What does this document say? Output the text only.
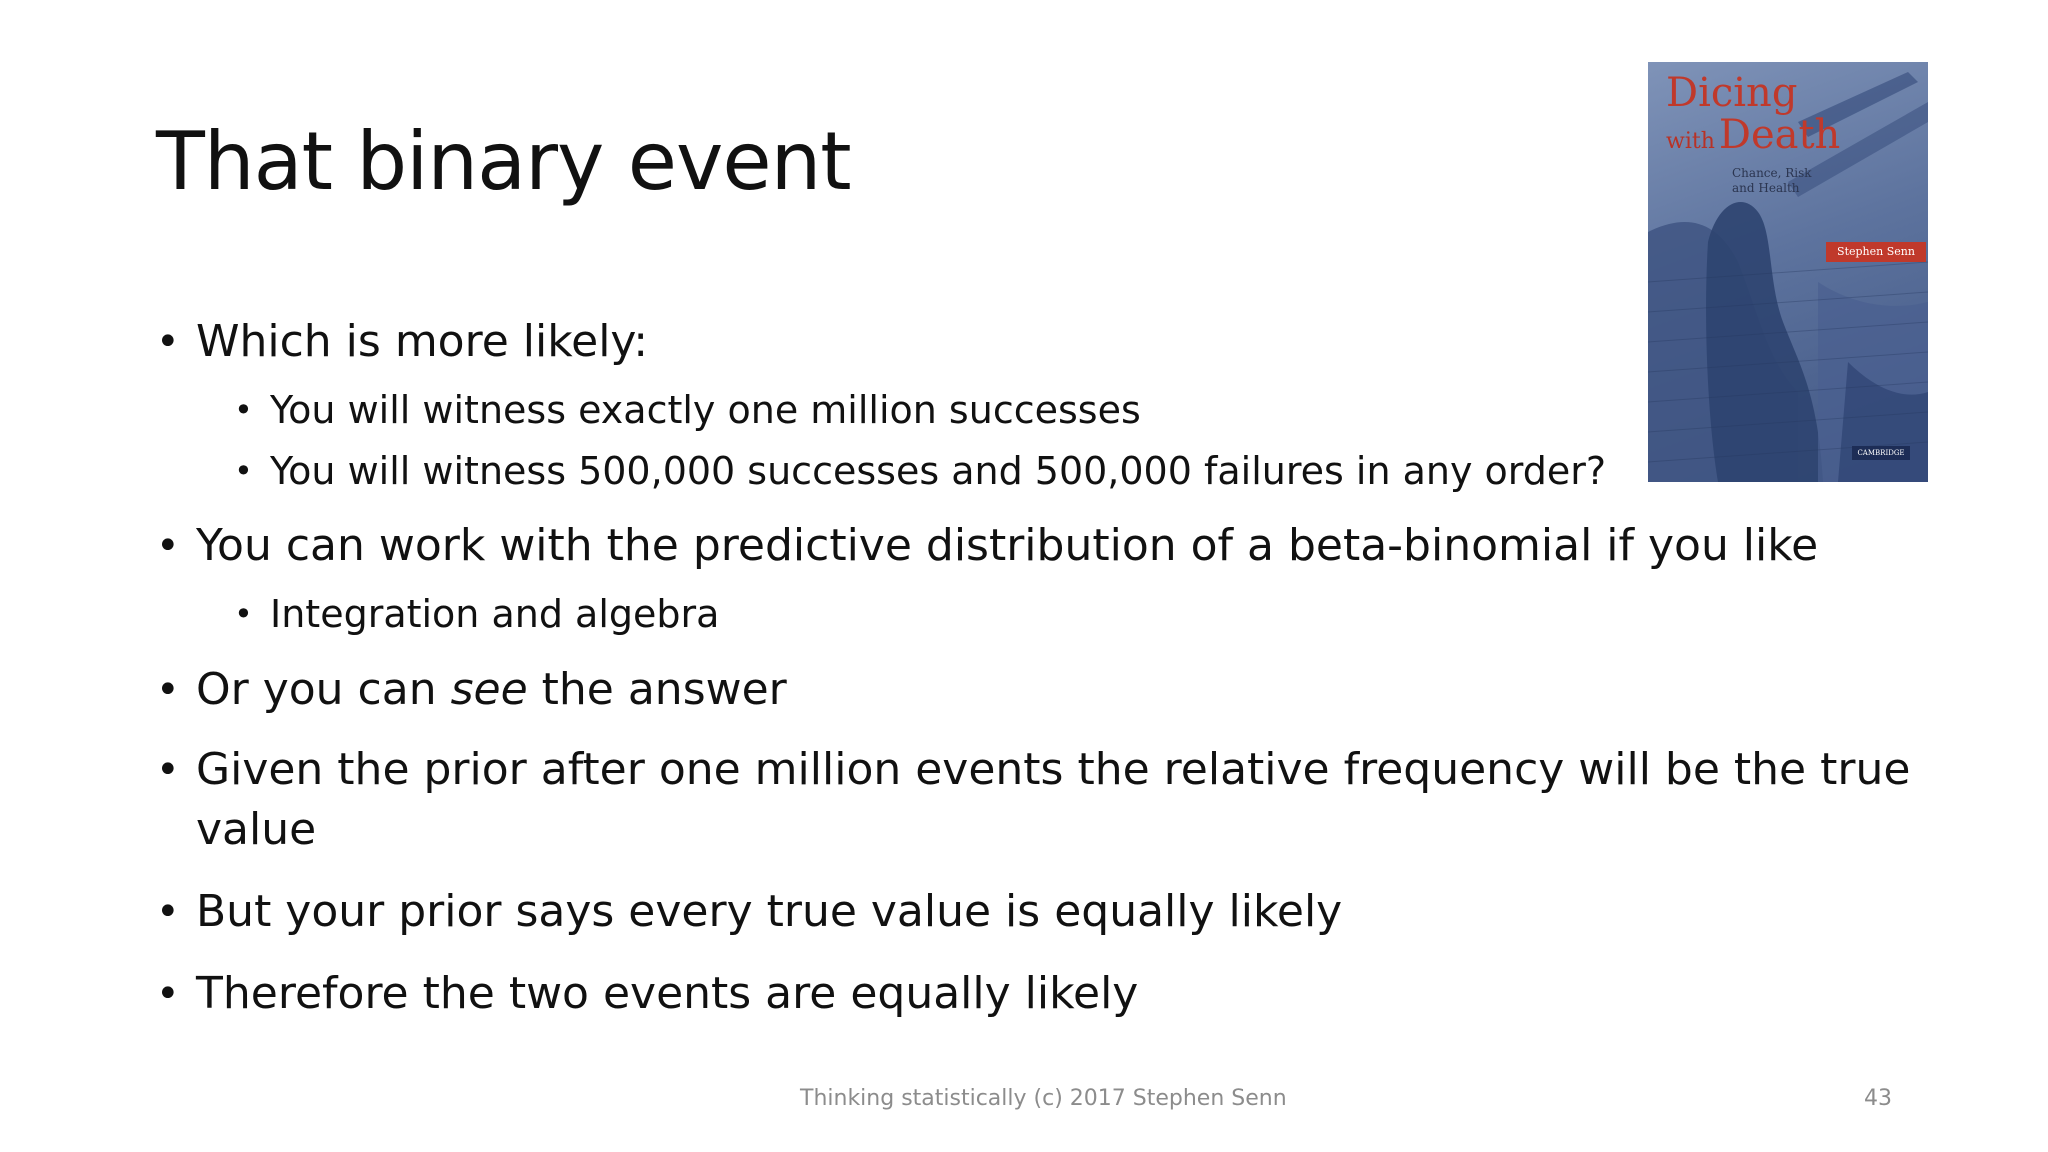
That binary event
• Which is more likely:
• You will witness exactly one million successes
• You will witness 500,000 successes and 500,000 failures in any order?
• You can work with the predictive distribution of a beta-binomial if you like
• Integration and algebra
• Or you can see the answer
• Given the prior after one million events the relative frequency will be the true value
• But your prior says every true value is equally likely
• Therefore the two events are equally likely
Dicing
with Death
Chance, Risk
and Health
Stephen Senn
CAMBRIDGE
Thinking statistically (c) 2017 Stephen Senn	43
